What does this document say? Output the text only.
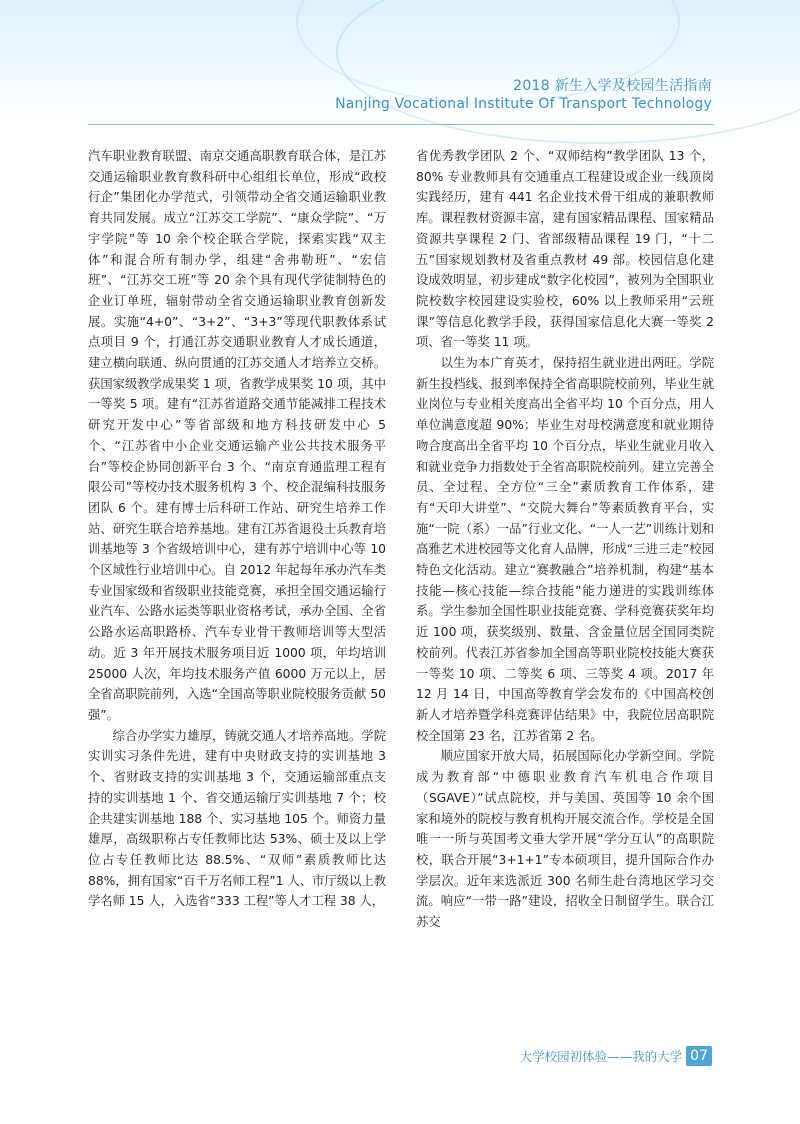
2018 新生入学及校园生活指南
Nanjing Vocational Institute Of Transport Technology

汽车职业教育联盟、南京交通高职教育联合体，是江苏交通运输职业教育教科研中心组组长单位，形成“政校行企”集团化办学范式，引领带动全省交通运输职业教育共同发展。成立“江苏交工学院”、“康众学院”、“万宇学院”等 10 余个校企联合学院，探索实践“双主体”和混合所有制办学，组建“舍弗勒班”、“宏信班”、“江苏交工班”等 20 余个具有现代学徒制特色的企业订单班，辐射带动全省交通运输职业教育创新发展。实施“4+0”、“3+2”、“3+3”等现代职教体系试点项目 9 个，打通江苏交通职业教育人才成长通道，建立横向联通、纵向贯通的江苏交通人才培养立交桥。获国家级教学成果奖 1 项，省教学成果奖 10 项，其中一等奖 5 项。建有“江苏省道路交通节能减排工程技术研究开发中心”等省部级和地方科技研发中心 5 个、“江苏省中小企业交通运输产业公共技术服务平台”等校企协同创新平台 3 个、“南京育通监理工程有限公司”等校办技术服务机构 3 个、校企混编科技服务团队 6 个。建有博士后科研工作站、研究生培养工作站、研究生联合培养基地。建有江苏省退役士兵教育培训基地等 3 个省级培训中心，建有苏宁培训中心等 10 个区域性行业培训中心。自 2012 年起每年承办汽车类专业国家级和省级职业技能竞赛，承担全国交通运输行业汽车、公路水运类等职业资格考试，承办全国、全省公路水运高职路桥、汽车专业骨干教师培训等大型活动。近 3 年开展技术服务项目近 1000 项，年均培训 25000 人次，年均技术服务产值 6000 万元以上，居全省高职院前列，入选“全国高等职业院校服务贡献 50 强”。

综合办学实力雄厚，铸就交通人才培养高地。学院实训实习条件先进，建有中央财政支持的实训基地 3 个、省财政支持的实训基地 3 个，交通运输部重点支持的实训基地 1 个、省交通运输厅实训基地 7 个；校企共建实训基地 188 个、实习基地 105 个。师资力量雄厚，高级职称占专任教师比达 53%、硕士及以上学位占专任教师比达 88.5%、“双师”素质教师比达 88%，拥有国家“百千万名师工程”1 人、市厅级以上教学名师 15 人，入选省“333 工程”等人才工程 38 人，

省优秀教学团队 2 个、“双师结构”教学团队 13 个，80% 专业教师具有交通重点工程建设或企业一线顶岗实践经历，建有 441 名企业技术骨干组成的兼职教师库。课程教材资源丰富，建有国家精品课程、国家精品资源共享课程 2 门、省部级精品课程 19 门，“十二五”国家规划教材及省重点教材 49 部。校园信息化建设成效明显，初步建成“数字化校园”，被列为全国职业院校数字校园建设实验校，60% 以上教师采用“云班课”等信息化教学手段，获得国家信息化大赛一等奖 2 项、省一等奖 11 项。

以生为本广育英才，保持招生就业进出两旺。学院新生投档线、报到率保持全省高职院校前列，毕业生就业岗位与专业相关度高出全省平均 10 个百分点，用人单位满意度超 90%；毕业生对母校满意度和就业期待吻合度高出全省平均 10 个百分点，毕业生就业月收入和就业竞争力指数处于全省高职院校前列。建立完善全员、全过程、全方位“三全”素质教育工作体系，建有“天印大讲堂”、“交院大舞台”等素质教育平台，实施“一院（系）一品”行业文化、“一人一艺”训练计划和高雅艺术进校园等文化育人品牌，形成“三进三走”校园特色文化活动。建立“赛教融合”培养机制，构建“基本技能—核心技能—综合技能”能力递进的实践训练体系。学生参加全国性职业技能竞赛、学科竞赛获奖年均近 100 项，获奖级别、数量、含金量位居全国同类院校前列。代表江苏省参加全国高等职业院校技能大赛获一等奖 10 项、二等奖 6 项、三等奖 4 项。2017 年 12 月 14 日，中国高等教育学会发布的《中国高校创新人才培养暨学科竞赛评估结果》中，我院位居高职院校全国第 23 名，江苏省第 2 名。

顺应国家开放大局，拓展国际化办学新空间。学院成为教育部“中德职业教育汽车机电合作项目（SGAVE）”试点院校，并与美国、英国等 10 余个国家和境外的院校与教育机构开展交流合作。学校是全国唯一一所与英国考文垂大学开展“学分互认”的高职院校，联合开展“3+1+1”专本硕项目，提升国际合作办学层次。近年来选派近 300 名师生赴台湾地区学习交流。响应“一带一路”建设，招收全日制留学生。联合江苏交

大学校园初体验——我的大学 07
